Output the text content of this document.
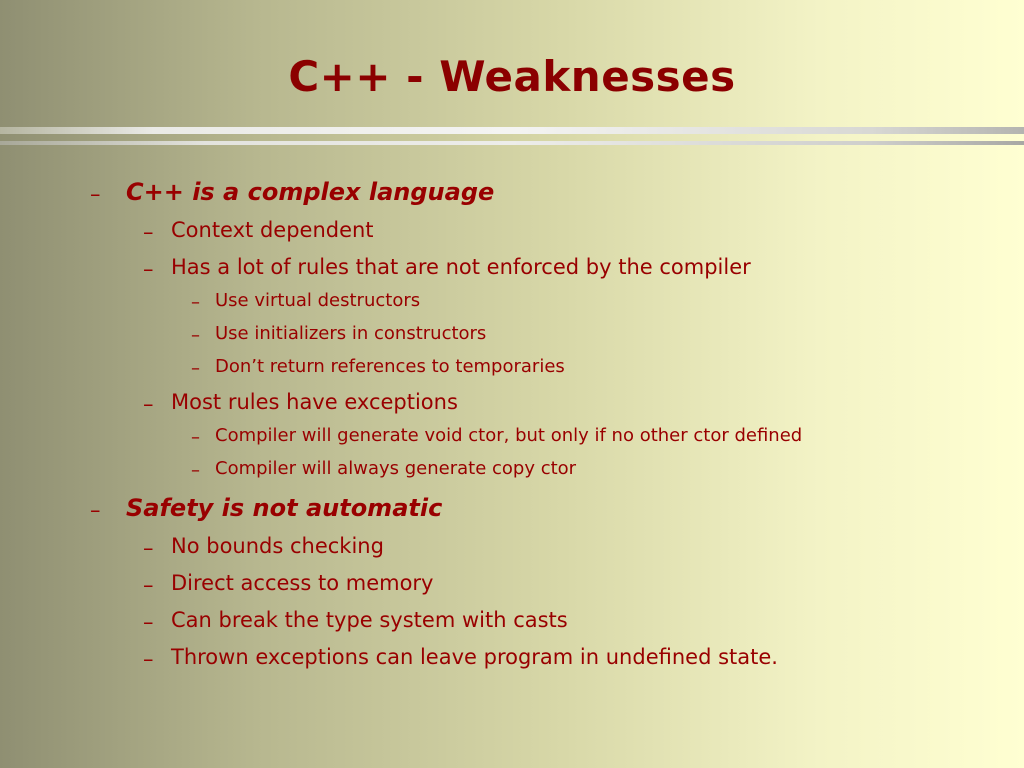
C++ - Weaknesses
– C++ is a complex language
– Context dependent
– Has a lot of rules that are not enforced by the compiler
– Use virtual destructors
– Use initializers in constructors
– Don’t return references to temporaries
– Most rules have exceptions
– Compiler will generate void ctor, but only if no other ctor defined
– Compiler will always generate copy ctor
– Safety is not automatic
– No bounds checking
– Direct access to memory
– Can break the type system with casts
– Thrown exceptions can leave program in undefined state.
